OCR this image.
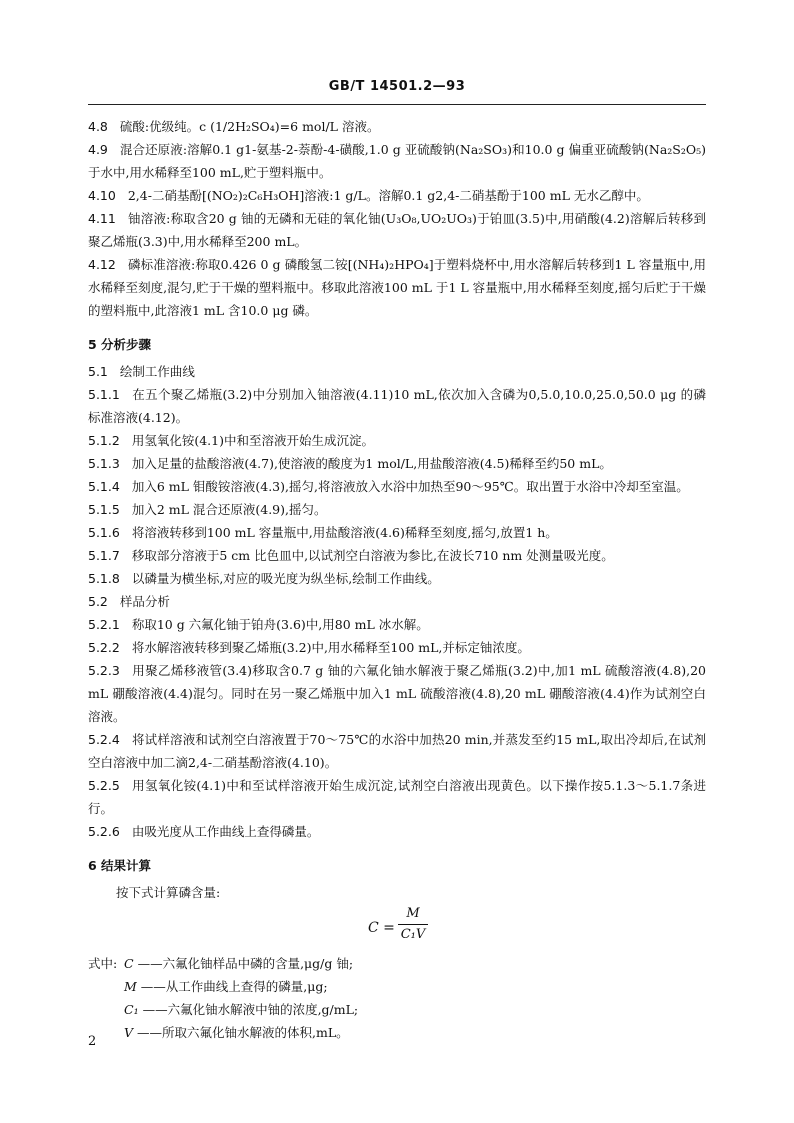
GB/T 14501.2—93

4.8 硫酸:优级纯。c (1/2H₂SO₄)=6 mol/L 溶液。

4.9 混合还原液:溶解0.1 g1-氨基-2-萘酚-4-磺酸,1.0 g 亚硫酸钠(Na₂SO₃)和10.0 g 偏重亚硫酸钠(Na₂S₂O₅)于水中,用水稀释至100 mL,贮于塑料瓶中。

4.10 2,4-二硝基酚[(NO₂)₂C₆H₃OH]溶液:1 g/L。溶解0.1 g2,4-二硝基酚于100 mL 无水乙醇中。

4.11 铀溶液:称取含20 g 铀的无磷和无硅的氧化铀(U₃O₈,UO₂UO₃)于铂皿(3.5)中,用硝酸(4.2)溶解后转移到聚乙烯瓶(3.3)中,用水稀释至200 mL。

4.12 磷标准溶液:称取0.426 0 g 磷酸氢二铵[(NH₄)₂HPO₄]于塑料烧杯中,用水溶解后转移到1 L 容量瓶中,用水稀释至刻度,混匀,贮于干燥的塑料瓶中。移取此溶液100 mL 于1 L 容量瓶中,用水稀释至刻度,摇匀后贮于干燥的塑料瓶中,此溶液1 mL 含10.0 μg 磷。

5 分析步骤

5.1 绘制工作曲线

5.1.1 在五个聚乙烯瓶(3.2)中分别加入铀溶液(4.11)10 mL,依次加入含磷为0,5.0,10.0,25.0,50.0 μg 的磷标准溶液(4.12)。

5.1.2 用氢氧化铵(4.1)中和至溶液开始生成沉淀。

5.1.3 加入足量的盐酸溶液(4.7),使溶液的酸度为1 mol/L,用盐酸溶液(4.5)稀释至约50 mL。

5.1.4 加入6 mL 钼酸铵溶液(4.3),摇匀,将溶液放入水浴中加热至90～95℃。取出置于水浴中冷却至室温。

5.1.5 加入2 mL 混合还原液(4.9),摇匀。

5.1.6 将溶液转移到100 mL 容量瓶中,用盐酸溶液(4.6)稀释至刻度,摇匀,放置1 h。

5.1.7 移取部分溶液于5 cm 比色皿中,以试剂空白溶液为参比,在波长710 nm 处测量吸光度。

5.1.8 以磷量为横坐标,对应的吸光度为纵坐标,绘制工作曲线。

5.2 样品分析

5.2.1 称取10 g 六氟化铀于铂舟(3.6)中,用80 mL 冰水解。

5.2.2 将水解溶液转移到聚乙烯瓶(3.2)中,用水稀释至100 mL,并标定铀浓度。

5.2.3 用聚乙烯移液管(3.4)移取含0.7 g 铀的六氟化铀水解液于聚乙烯瓶(3.2)中,加1 mL 硫酸溶液(4.8),20 mL 硼酸溶液(4.4)混匀。同时在另一聚乙烯瓶中加入1 mL 硫酸溶液(4.8),20 mL 硼酸溶液(4.4)作为试剂空白溶液。

5.2.4 将试样溶液和试剂空白溶液置于70～75℃的水浴中加热20 min,并蒸发至约15 mL,取出冷却后,在试剂空白溶液中加二滴2,4-二硝基酚溶液(4.10)。

5.2.5 用氢氧化铵(4.1)中和至试样溶液开始生成沉淀,试剂空白溶液出现黄色。以下操作按5.1.3～5.1.7条进行。

5.2.6 由吸光度从工作曲线上查得磷量。

6 结果计算

按下式计算磷含量:

C =
M
C₁V

式中: C ——六氟化铀样品中磷的含量,μg/g 铀;

M ——从工作曲线上查得的磷量,μg;

C₁ ——六氟化铀水解液中铀的浓度,g/mL;

V ——所取六氟化铀水解液的体积,mL。

2
